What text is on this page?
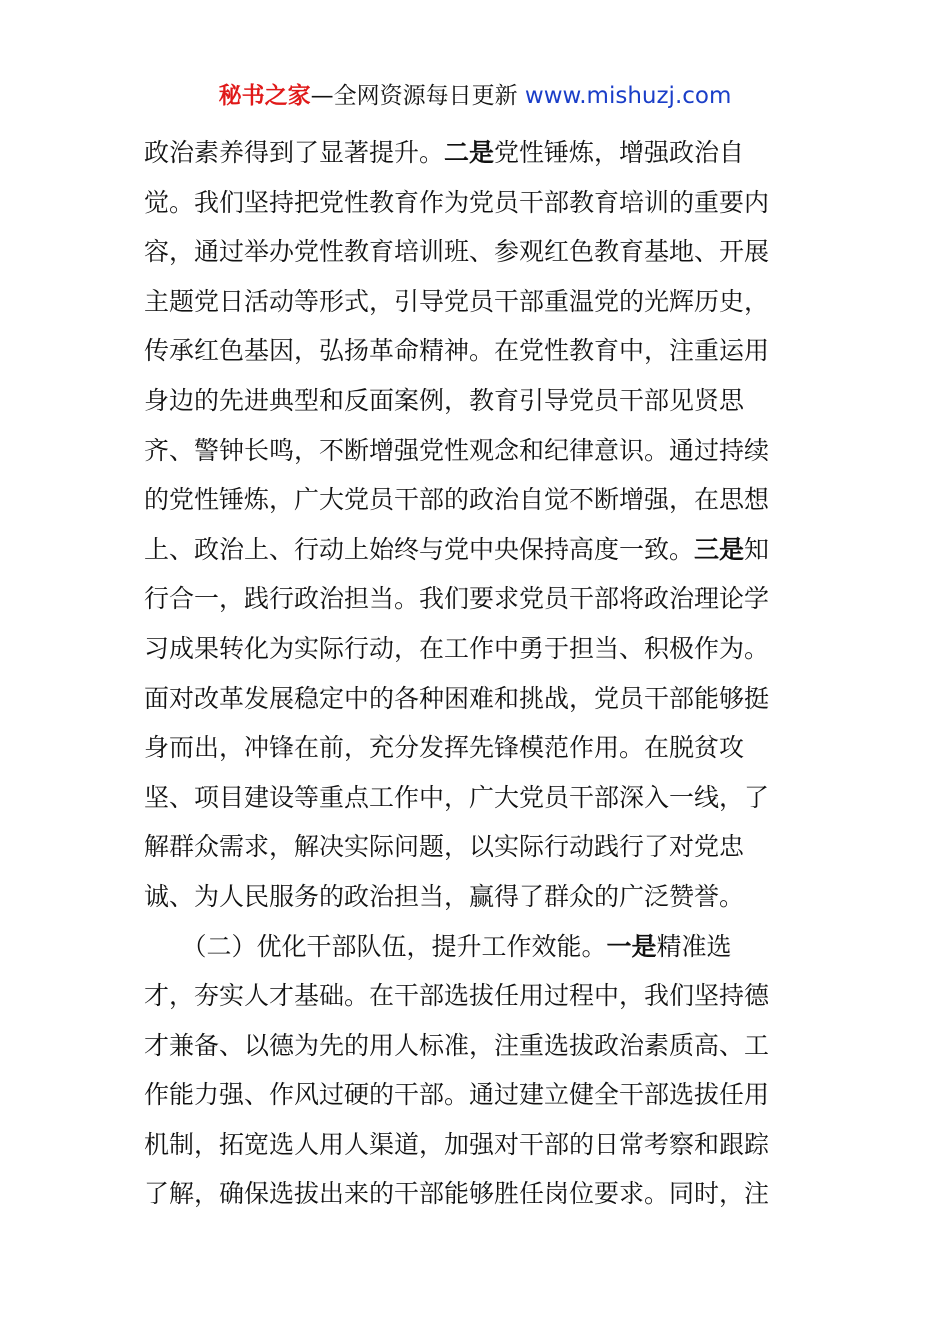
秘书之家—全网资源每日更新 www.mishuzj.com
政治素养得到了显著提升。二是党性锤炼，增强政治自
觉。我们坚持把党性教育作为党员干部教育培训的重要内
容，通过举办党性教育培训班、参观红色教育基地、开展
主题党日活动等形式，引导党员干部重温党的光辉历史，
传承红色基因，弘扬革命精神。在党性教育中，注重运用
身边的先进典型和反面案例，教育引导党员干部见贤思
齐、警钟长鸣，不断增强党性观念和纪律意识。通过持续
的党性锤炼，广大党员干部的政治自觉不断增强，在思想
上、政治上、行动上始终与党中央保持高度一致。三是知
行合一，践行政治担当。我们要求党员干部将政治理论学
习成果转化为实际行动，在工作中勇于担当、积极作为。
面对改革发展稳定中的各种困难和挑战，党员干部能够挺
身而出，冲锋在前，充分发挥先锋模范作用。在脱贫攻
坚、项目建设等重点工作中，广大党员干部深入一线，了
解群众需求，解决实际问题，以实际行动践行了对党忠
诚、为人民服务的政治担当，赢得了群众的广泛赞誉。
　　（二）优化干部队伍，提升工作效能。一是精准选
才，夯实人才基础。在干部选拔任用过程中，我们坚持德
才兼备、以德为先的用人标准，注重选拔政治素质高、工
作能力强、作风过硬的干部。通过建立健全干部选拔任用
机制，拓宽选人用人渠道，加强对干部的日常考察和跟踪
了解，确保选拔出来的干部能够胜任岗位要求。同时，注
